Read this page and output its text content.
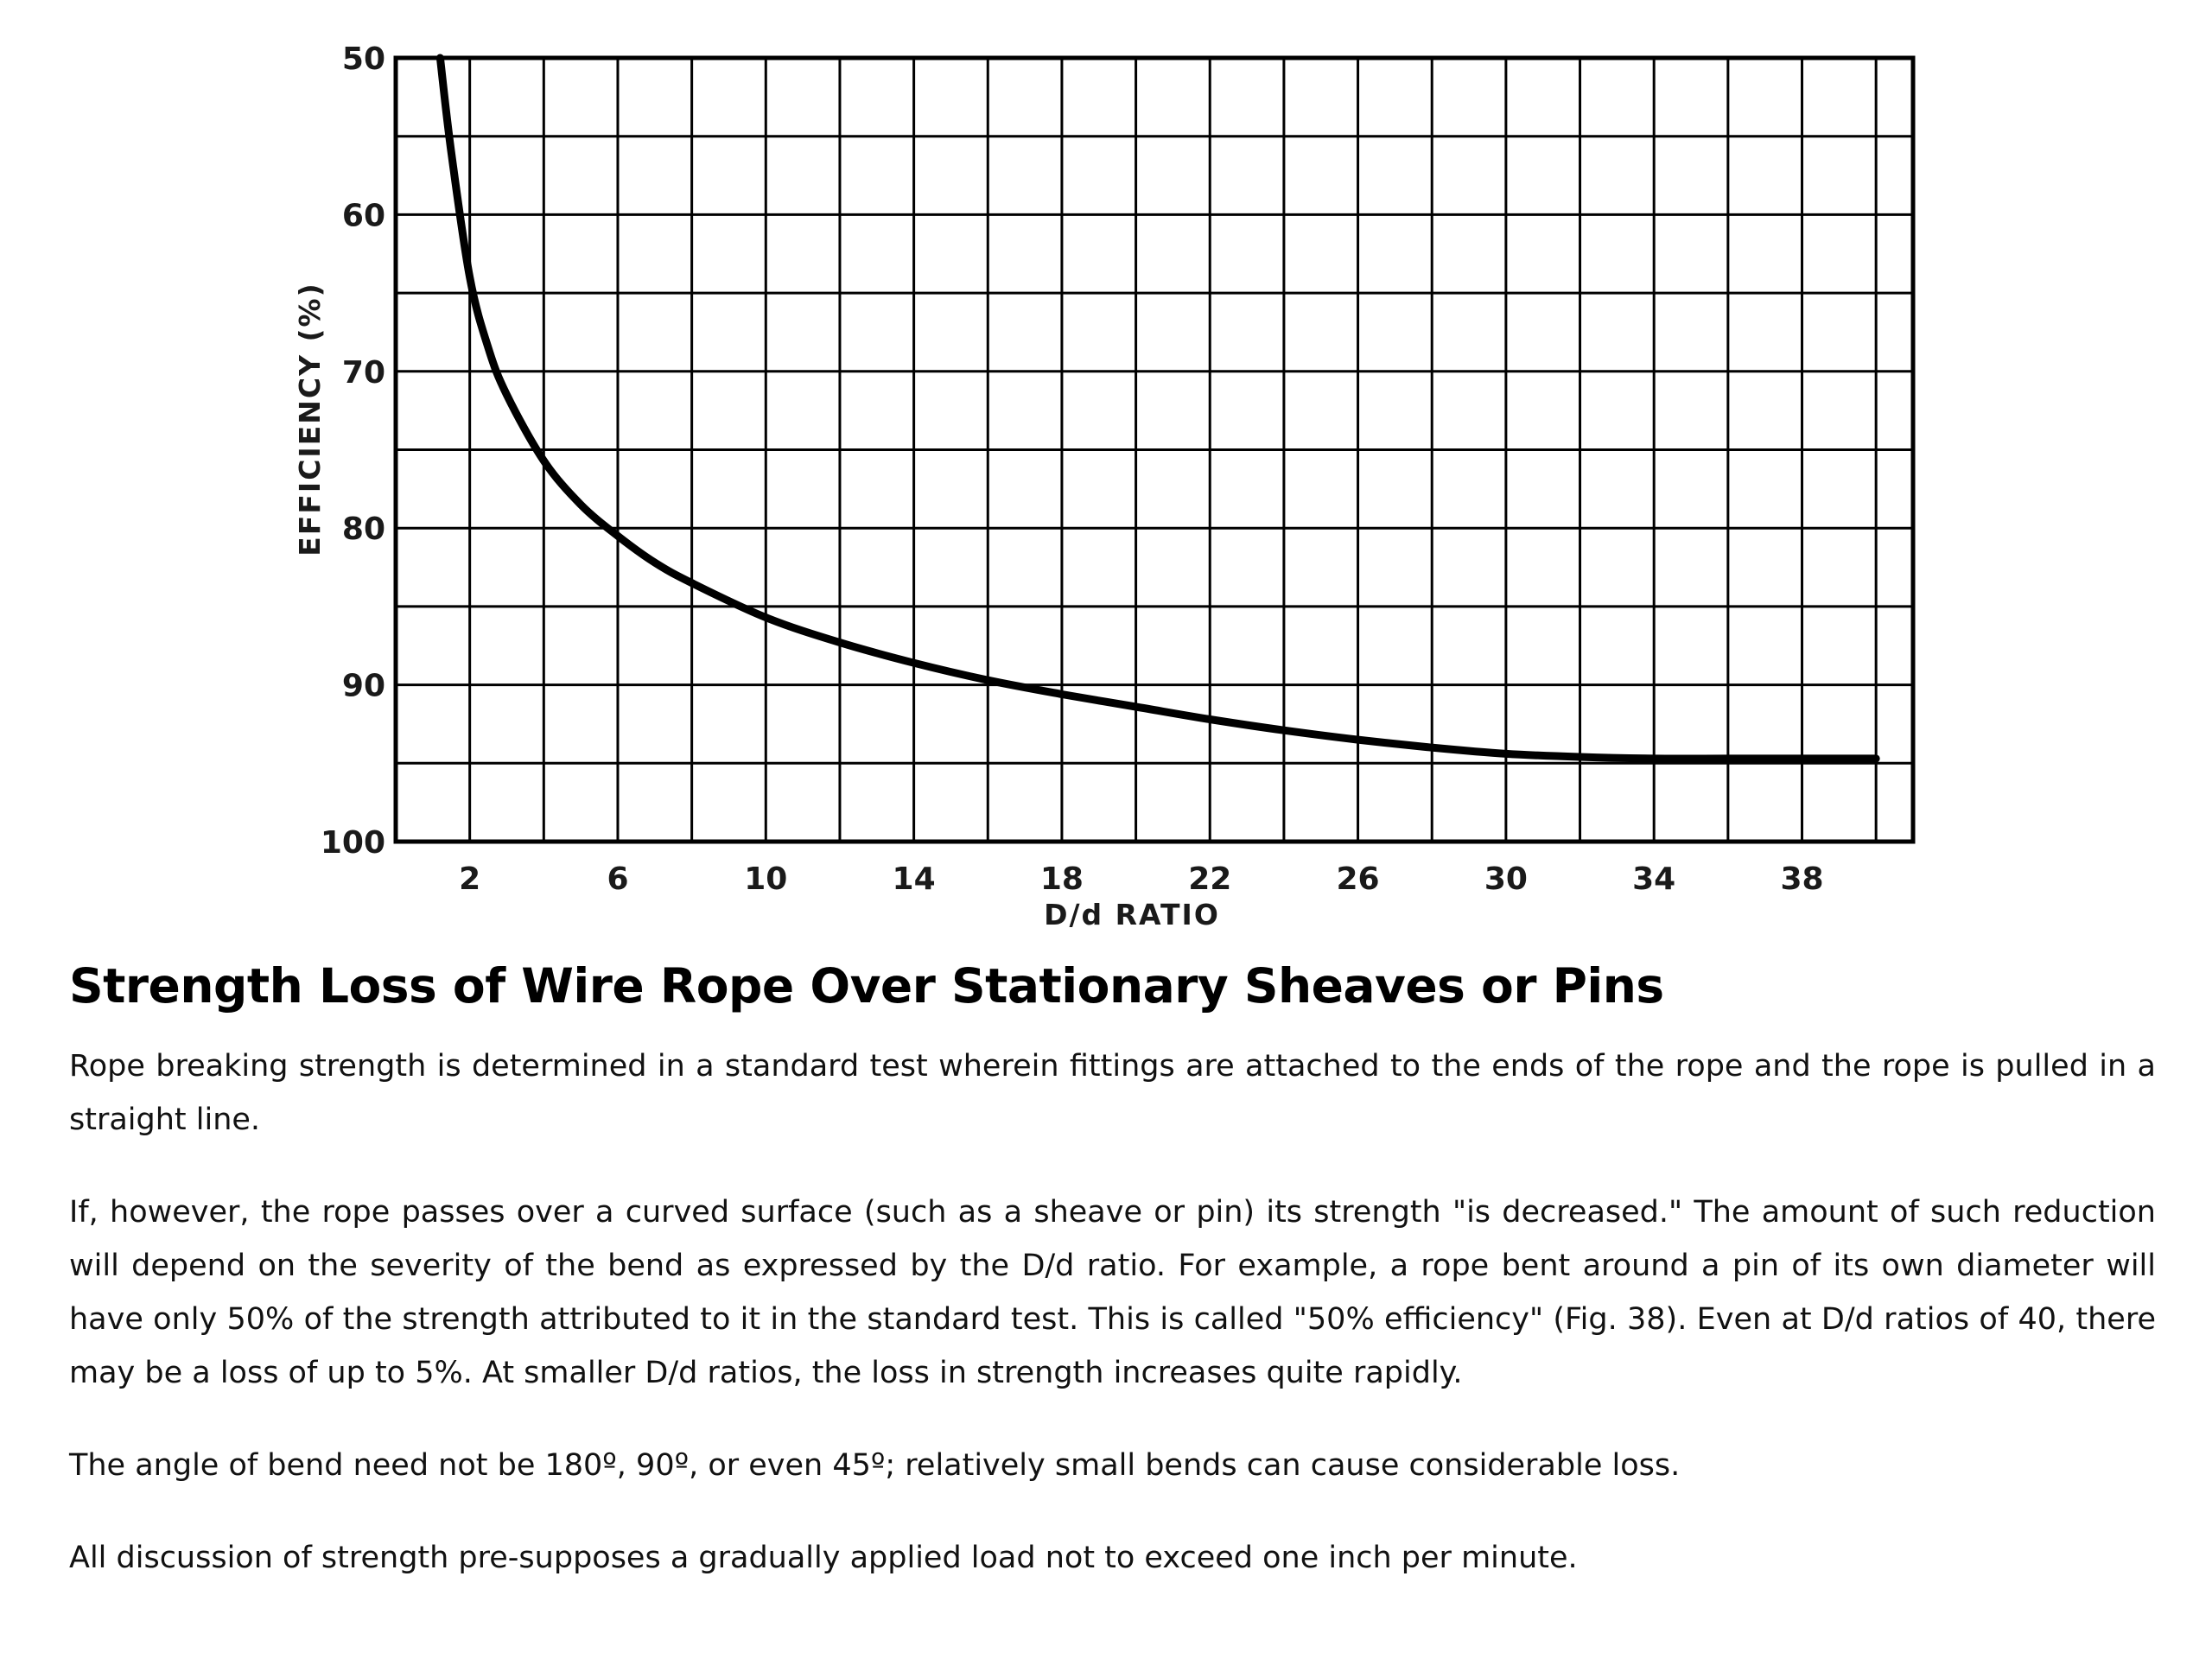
50
60
70
80
90
100
2	6	10	14	18	22	26	30	34	38
D/d RATIO
EFFICIENCY (%)
Strength Loss of Wire Rope Over Stationary Sheaves or Pins

Rope breaking strength is determined in a standard test wherein fittings are attached to the ends of the rope and the rope is pulled in a straight line.

If, however, the rope passes over a curved surface (such as a sheave or pin) its strength "is decreased." The amount of such reduction will depend on the severity of the bend as expressed by the D/d ratio. For example, a rope bent around a pin of its own diameter will have only 50% of the strength attributed to it in the standard test. This is called "50% efficiency" (Fig. 38). Even at D/d ratios of 40, there may be a loss of up to 5%. At smaller D/d ratios, the loss in strength increases quite rapidly.

The angle of bend need not be 180º, 90º, or even 45º; relatively small bends can cause considerable loss.

All discussion of strength pre-supposes a gradually applied load not to exceed one inch per minute.
